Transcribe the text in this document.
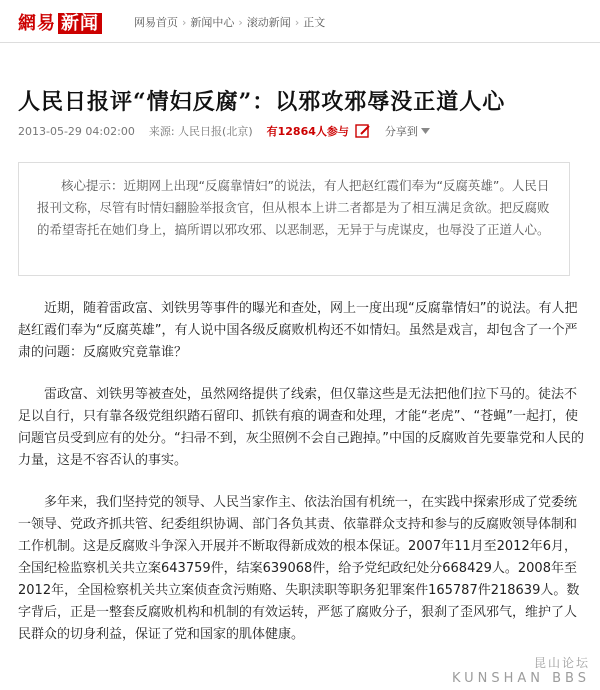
網易 新闻	网易首页 › 新闻中心 › 滚动新闻 › 正文
人民日报评“情妇反腐”：以邪攻邪辱没正道人心
2013-05-29 04:02:00 来源: 人民日报(北京) 有12864人参与	分享到

核心提示：近期网上出现“反腐靠情妇”的说法，有人把赵红霞们奉为“反腐英雄”。人民日报刊文称，尽管有时情妇翻脸举报贪官，但从根本上讲二者都是为了相互满足贪欲。把反腐败的希望寄托在她们身上，搞所谓以邪攻邪、以恶制恶，无异于与虎谋皮，也辱没了正道人心。

近期，随着雷政富、刘铁男等事件的曝光和查处，网上一度出现“反腐靠情妇”的说法。有人把赵红霞们奉为“反腐英雄”，有人说中国各级反腐败机构还不如情妇。虽然是戏言，却包含了一个严肃的问题：反腐败究竟靠谁？

雷政富、刘铁男等被查处，虽然网络提供了线索，但仅靠这些是无法把他们拉下马的。徒法不足以自行，只有靠各级党组织踏石留印、抓铁有痕的调查和处理，才能“老虎”、“苍蝇”一起打，使问题官员受到应有的处分。“扫帚不到，灰尘照例不会自己跑掉。”中国的反腐败首先要靠党和人民的力量，这是不容否认的事实。

多年来，我们坚持党的领导、人民当家作主、依法治国有机统一，在实践中探索形成了党委统一领导、党政齐抓共管、纪委组织协调、部门各负其责、依靠群众支持和参与的反腐败领导体制和工作机制。这是反腐败斗争深入开展并不断取得新成效的根本保证。2007年11月至2012年6月，全国纪检监察机关共立案643759件，结案639068件，给予党纪政纪处分668429人。2008年至2012年，全国检察机关共立案侦查贪污贿赂、失职渎职等职务犯罪案件165787件218639人。数字背后，正是一整套反腐败机构和机制的有效运转，严惩了腐败分子，狠刹了歪风邪气，维护了人民群众的切身利益，保证了党和国家的肌体健康。

昆山论坛
KUNSHAN BBS
